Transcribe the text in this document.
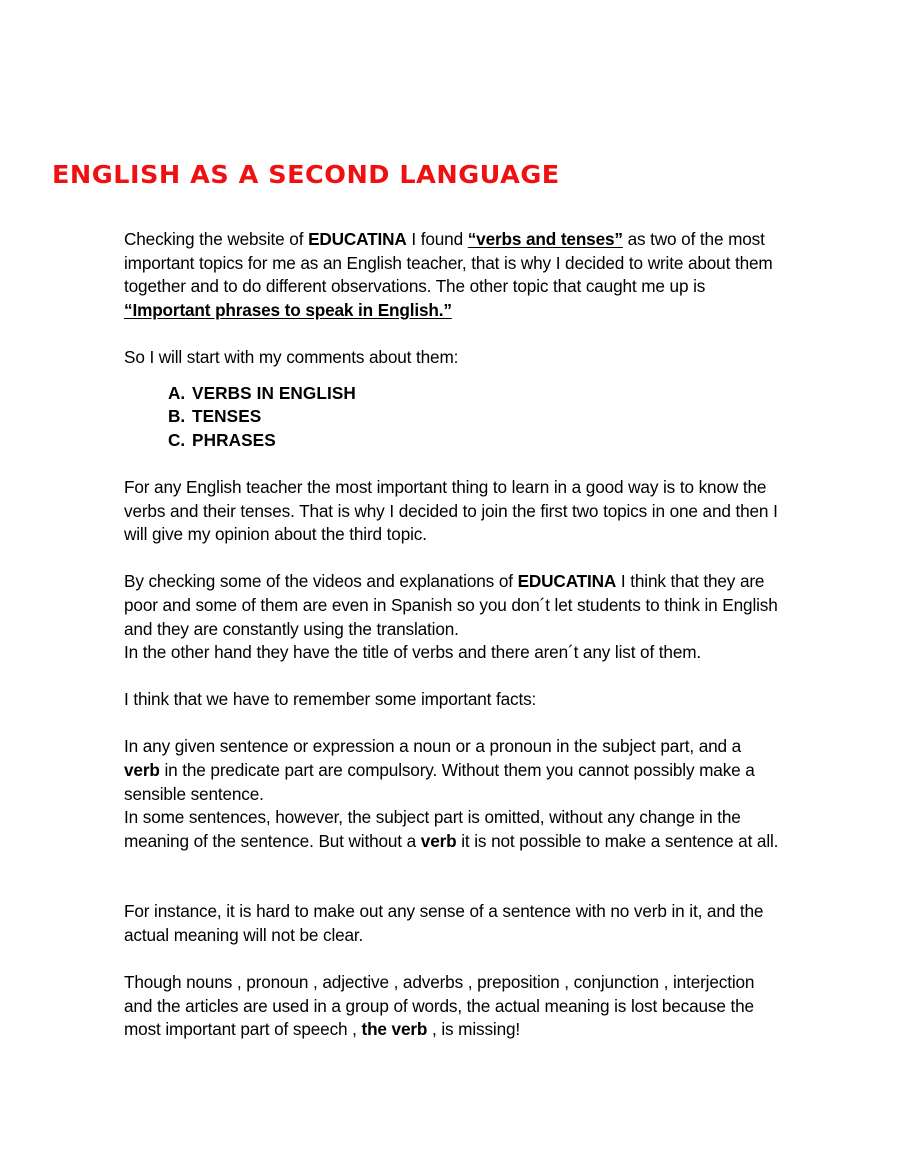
ENGLISH AS A SECOND LANGUAGE

Checking the website of EDUCATINA I found “verbs and tenses” as two of the most important topics for me as an English teacher, that is why I decided to write about them together and to do different observations. The other topic that caught me up is “Important phrases to speak in English.”

So I will start with my comments about them:

A. VERBS IN ENGLISH
B. TENSES
C. PHRASES

For any English teacher the most important thing to learn in a good way is to know the verbs and their tenses. That is why I decided to join the first two topics in one and then I will give my opinion about the third topic.

By checking some of the videos and explanations of EDUCATINA I think that they are poor and some of them are even in Spanish so you don´t let students to think in English and they are constantly using the translation.

In the other hand they have the title of verbs and there aren´t any list of them.

I think that we have to remember some important facts:

In any given sentence or expression a noun or a pronoun in the subject part, and a verb in the predicate part are compulsory. Without them you cannot possibly make a sensible sentence.

In some sentences, however, the subject part is omitted, without any change in the meaning of the sentence. But without a verb it is not possible to make a sentence at all.

For instance, it is hard to make out any sense of a sentence with no verb in it, and the actual meaning will not be clear.

Though nouns , pronoun , adjective , adverbs , preposition , conjunction , interjection and the articles are used in a group of words, the actual meaning is lost because the most important part of speech , the verb , is missing!
